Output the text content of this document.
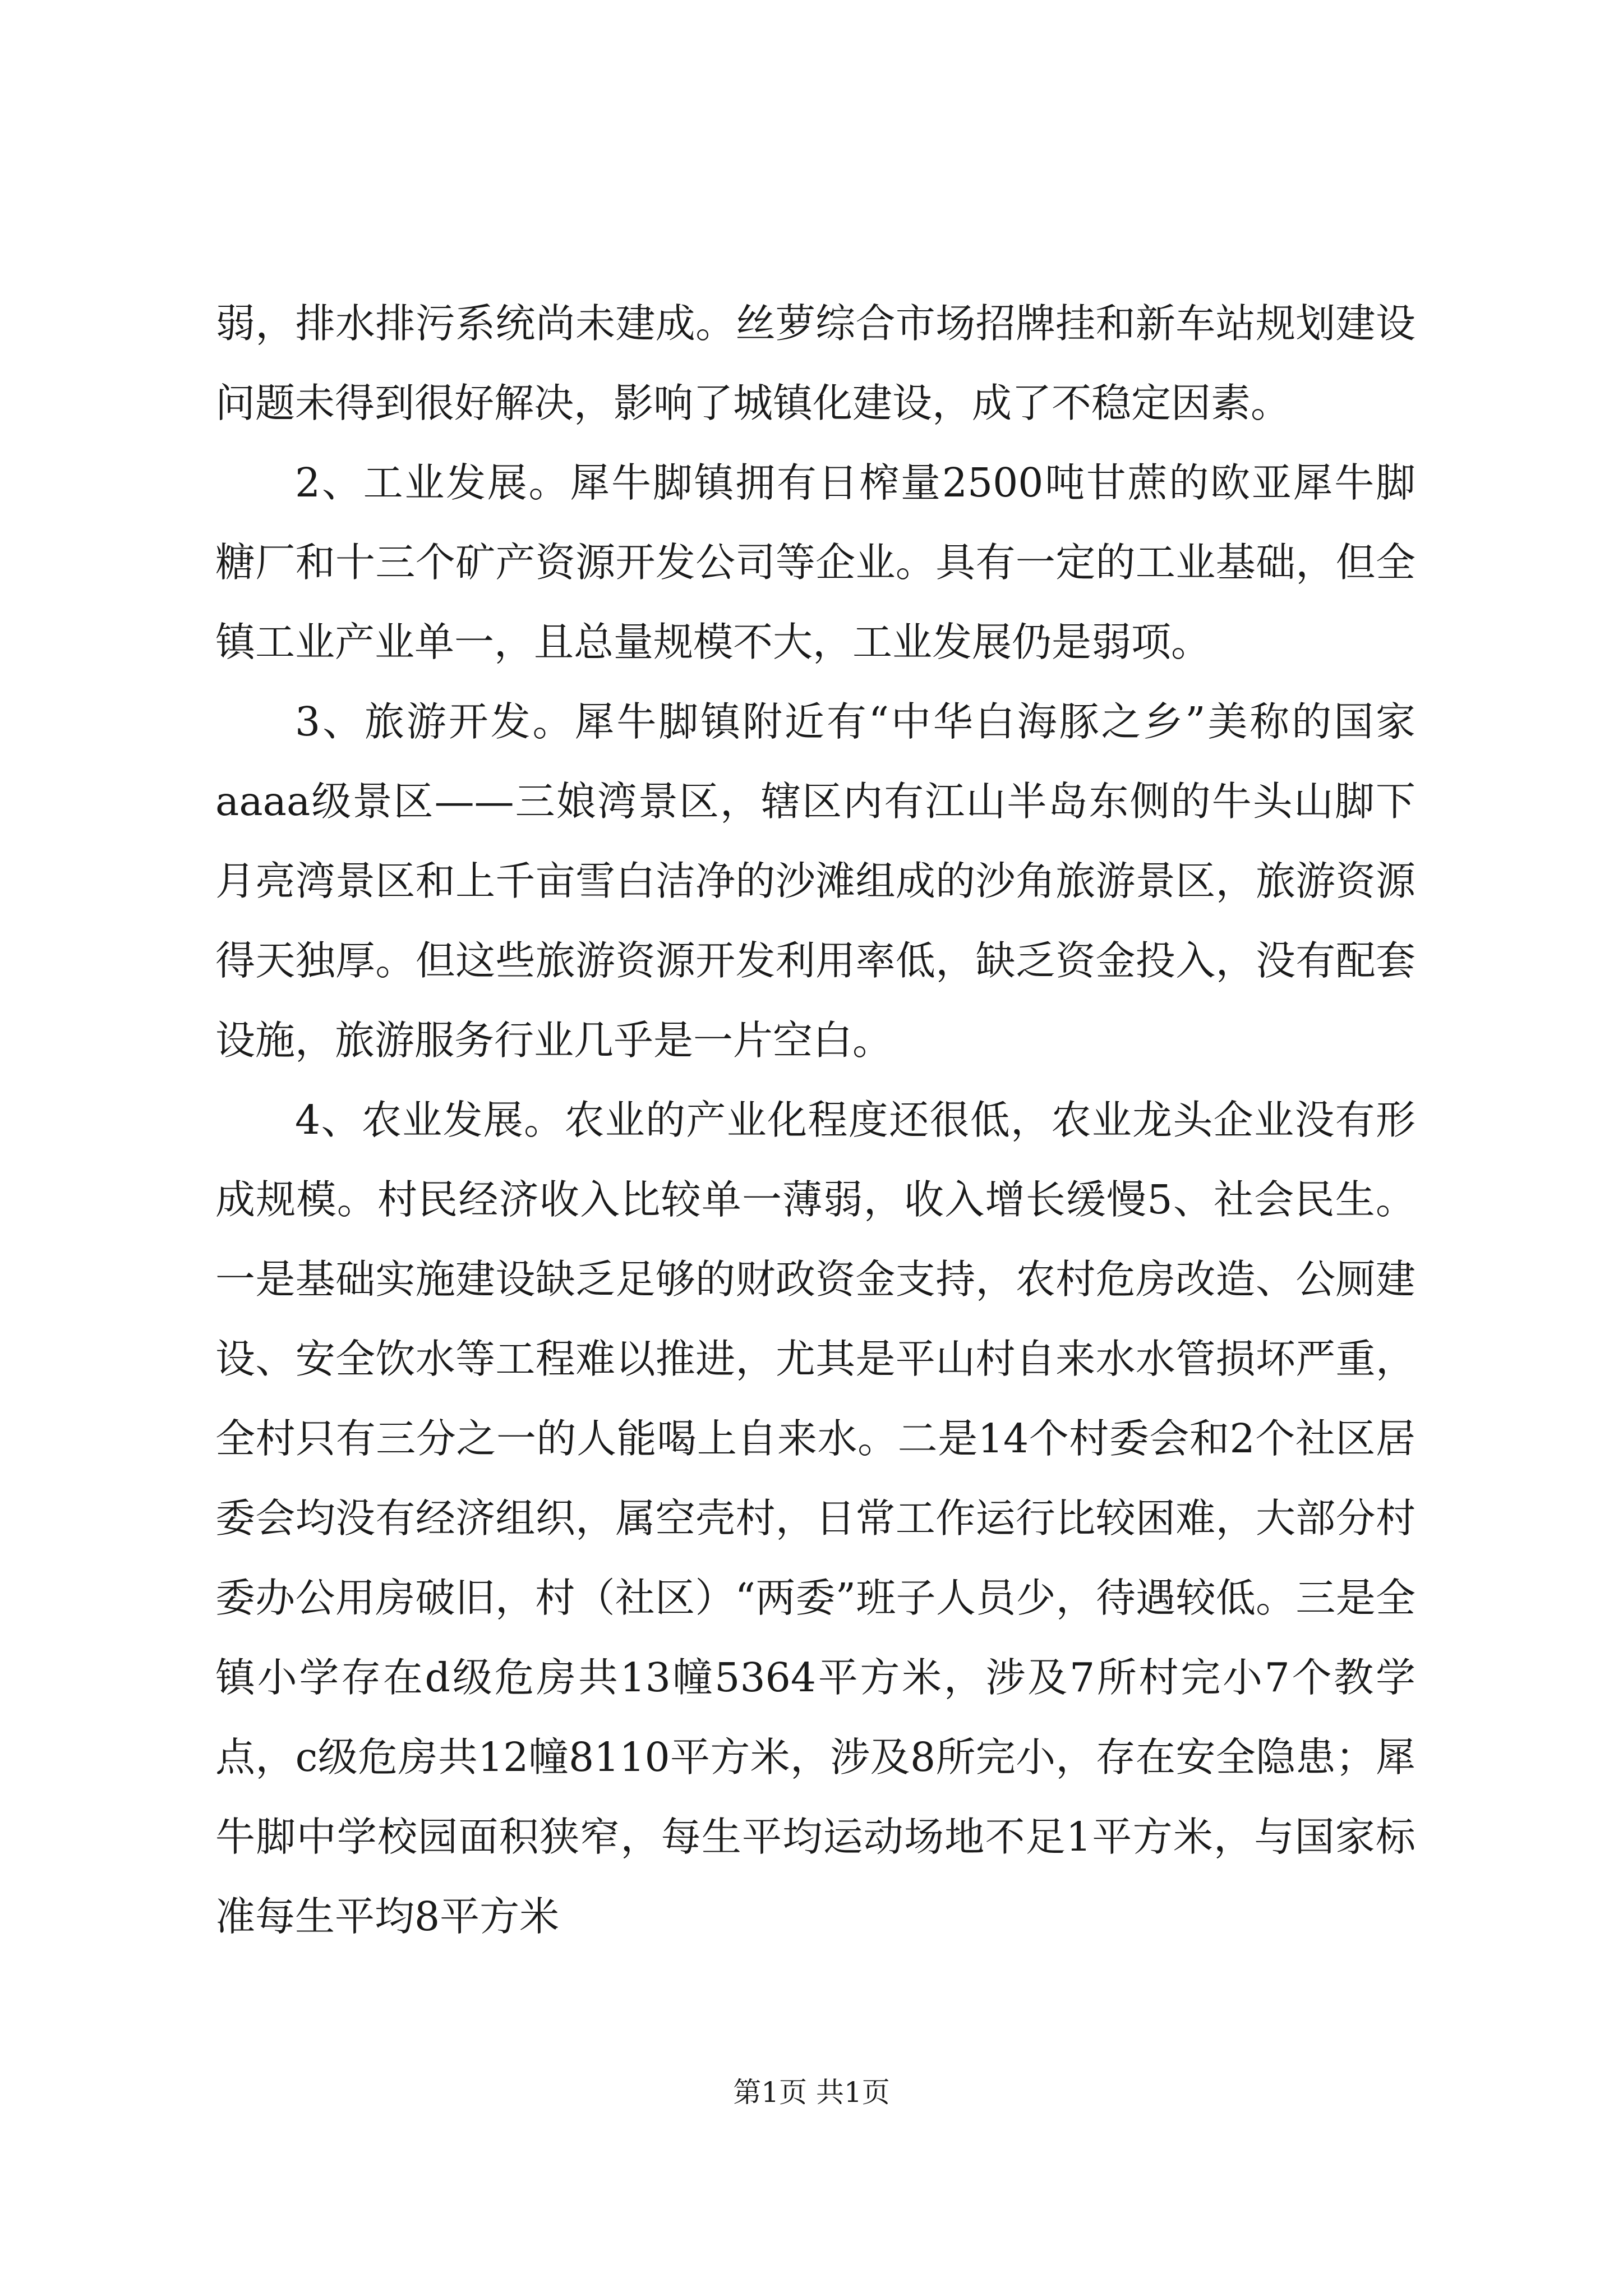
弱，排水排污系统尚未建成。丝萝综合市场招牌挂和新车站规划建设问题未得到很好解决，影响了城镇化建设，成了不稳定因素。

2、工业发展。犀牛脚镇拥有日榨量2500吨甘蔗的欧亚犀牛脚糖厂和十三个矿产资源开发公司等企业。具有一定的工业基础，但全镇工业产业单一，且总量规模不大，工业发展仍是弱项。

3、旅游开发。犀牛脚镇附近有“中华白海豚之乡”美称的国家aaaa级景区——三娘湾景区，辖区内有江山半岛东侧的牛头山脚下月亮湾景区和上千亩雪白洁净的沙滩组成的沙角旅游景区，旅游资源得天独厚。但这些旅游资源开发利用率低，缺乏资金投入，没有配套设施，旅游服务行业几乎是一片空白。

4、农业发展。农业的产业化程度还很低，农业龙头企业没有形成规模。村民经济收入比较单一薄弱，收入增长缓慢5、社会民生。一是基础实施建设缺乏足够的财政资金支持，农村危房改造、公厕建设、安全饮水等工程难以推进，尤其是平山村自来水水管损坏严重，全村只有三分之一的人能喝上自来水。二是14个村委会和2个社区居委会均没有经济组织，属空壳村，日常工作运行比较困难，大部分村委办公用房破旧，村（社区）“两委”班子人员少，待遇较低。三是全镇小学存在d级危房共13幢5364平方米，涉及7所村完小7个教学点，c级危房共12幢8110平方米，涉及8所完小，存在安全隐患；犀牛脚中学校园面积狭窄，每生平均运动场地不足1平方米，与国家标准每生平均8平方米

第1页 共1页
